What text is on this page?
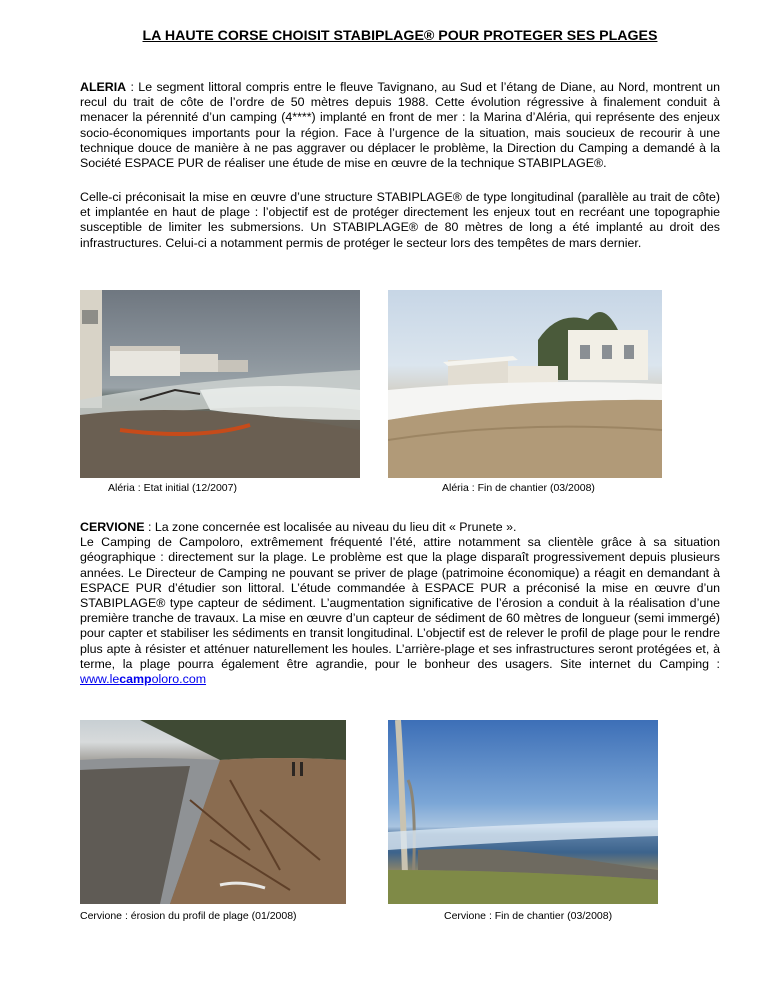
LA HAUTE CORSE CHOISIT STABIPLAGE® POUR PROTEGER SES PLAGES

ALERIA : Le segment littoral compris entre le fleuve Tavignano, au Sud et l’étang de Diane, au Nord, montrent un recul du trait de côte de l’ordre de 50 mètres depuis 1988. Cette évolution régressive à finalement conduit à menacer la pérennité d’un camping (4****) implanté en front de mer : la Marina d’Aléria, qui représente des enjeux socio-économiques importants pour la région. Face à l’urgence de la situation, mais soucieux de recourir à une technique douce de manière à ne pas aggraver ou déplacer le problème, la Direction du Camping a demandé à la Société ESPACE PUR de réaliser une étude de mise en œuvre de la technique STABIPLAGE®.

Celle-ci préconisait la mise en œuvre d’une structure STABIPLAGE® de type longitudinal (parallèle au trait de côte) et implantée en haut de plage : l’objectif est de protéger directement les enjeux tout en recréant une topographie susceptible de limiter les submersions. Un STABIPLAGE® de 80 mètres de long a été implanté au droit des infrastructures. Celui-ci a notamment permis de protéger le secteur lors des tempêtes de mars dernier.

CERVIONE : La zone concernée est localisée au niveau du lieu dit « Prunete ».
Le Camping de Campoloro, extrêmement fréquenté l’été, attire notamment sa clientèle grâce à sa situation géographique : directement sur la plage. Le problème est que la plage disparaît progressivement depuis plusieurs années. Le Directeur de Camping ne pouvant se priver de plage (patrimoine économique) a réagit en demandant à ESPACE PUR d’étudier son littoral. L’étude commandée à ESPACE PUR a préconisé la mise en œuvre d’un STABIPLAGE® type capteur de sédiment. L’augmentation significative de l’érosion a conduit à la réalisation d’une première tranche de travaux. La mise en œuvre d’un capteur de sédiment de 60 mètres de longueur (semi immergé) pour capter et stabiliser les sédiments en transit longitudinal. L’objectif est de relever le profil de plage pour le rendre plus apte à résister et atténuer naturellement les houles. L’arrière-plage et ses infrastructures seront protégées et, à terme, la plage pourra également être agrandie, pour le bonheur des usagers. Site internet du Camping : www.lecampoloro.com

Aléria : Etat initial (12/2007)	Aléria : Fin de chantier (03/2008)
Cervione : érosion du profil de plage (01/2008)	Cervione : Fin de chantier (03/2008)
